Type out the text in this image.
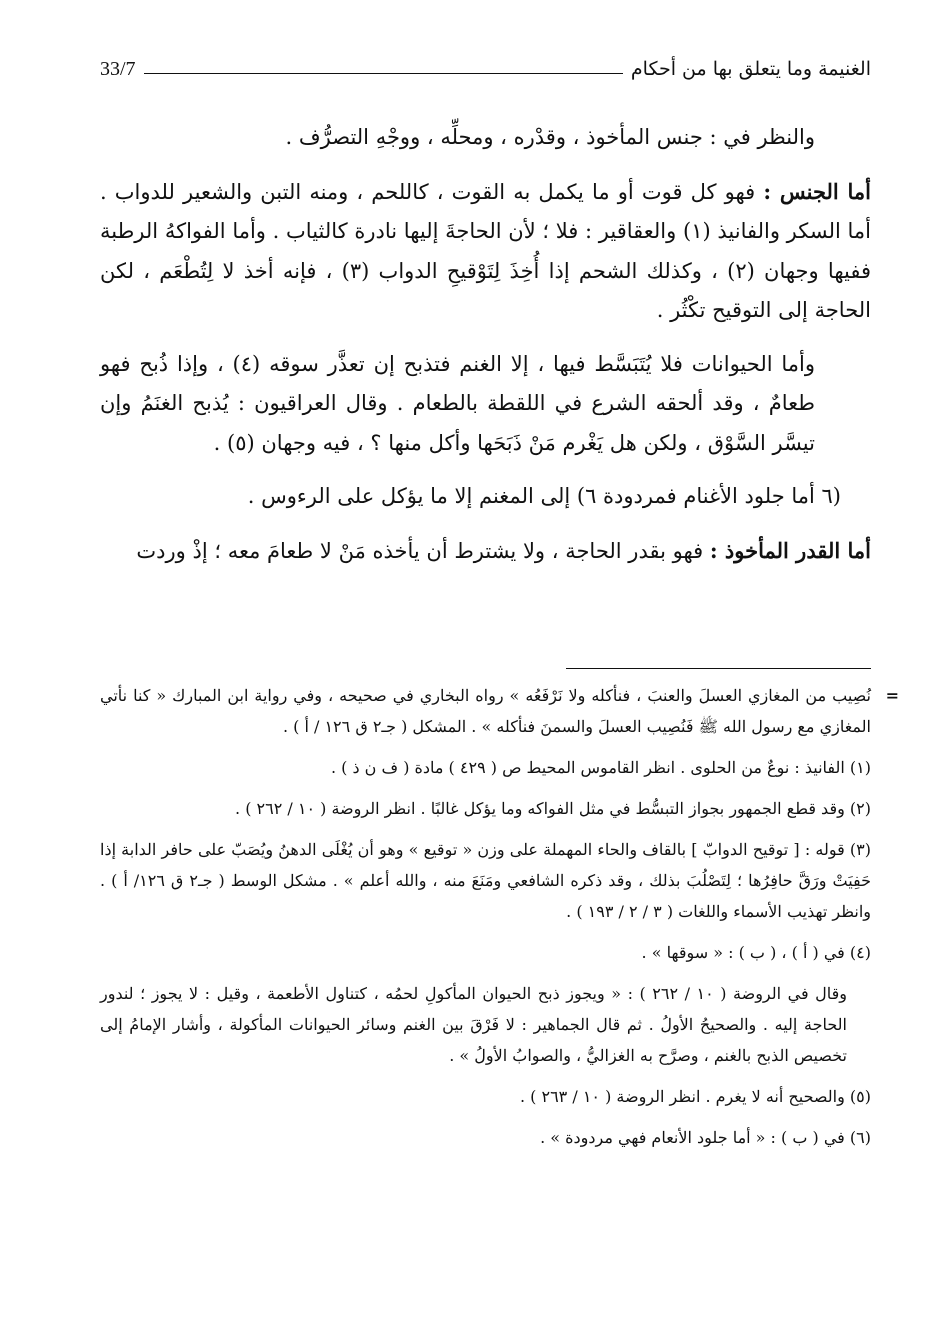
الغنيمة وما يتعلق بها من أحكام
33/7

والنظر في : جنس المأخوذ ، وقدْره ، ومحلِّه ، ووجْهِ التصرُّف .

أما الجنس : فهو كل قوت أو ما يكمل به القوت ، كاللحم ، ومنه التبن والشعير للدواب . أما السكر والفانيذ (١) والعقاقير : فلا ؛ لأن الحاجةَ إليها نادرة كالثياب . وأما الفواكهُ الرطبة ففيها وجهان (٢) ، وكذلك الشحم إذا أُخِذَ لِتَوْقيحِ الدواب (٣) ، فإنه أخذ لا لِتُطْعَم ، لكن الحاجة إلى التوقيح تكْثُر .

وأما الحيوانات فلا يُتَبَسَّط فيها ، إلا الغنم فتذبح إن تعذَّر سوقه (٤) ، وإذا ذُبح فهو طعامٌ ، وقد ألحقه الشرع في اللقطة بالطعام . وقال العراقيون : يُذبح الغنَمُ وإن تيسَّر السَّوْق ، ولكن هل يَغْرم مَنْ ذَبَحَها وأكل منها ؟ ، فيه وجهان (٥) .

(٦ أما جلود الأغنام فمردودة ٦) إلى المغنم إلا ما يؤكل على الرءوس .

أما القدر المأخوذ : فهو بقدر الحاجة ، ولا يشترط أن يأخذه مَنْ لا طعامَ معه ؛ إذْ وردت

=
نُصِيب من المغازي العسلَ والعنبَ ، فنأكله ولا نَرْفَعُه » رواه البخاري في صحيحه ، وفي رواية ابن المبارك « كنا نأتي المغازي مع رسول الله ﷺ فَنُصِيب العسلَ والسمنَ فنأكله » . المشكل ( جـ٢ ق ١٢٦ / أ ) .

(١) الفانيذ : نوعٌ من الحلوى . انظر القاموس المحيط ص ( ٤٢٩ ) مادة ( ف ن ذ ) .

(٢) وقد قطع الجمهور بجواز التبسُّط في مثل الفواكه وما يؤكل غالبًا . انظر الروضة ( ١٠ / ٢٦٢ ) .

(٣) قوله : [ توقيح الدوابّ ] بالقاف والحاء المهملة على وزن « توقيع » وهو أن يُغْلَى الدهنُ ويُصَبّ على حافر الدابة إذا حَفِيَتْ ورَقَّ حافِرُها ؛ لِتَصْلُبَ بذلك ، وقد ذكره الشافعي ومَنَعَ منه ، والله أعلم » . مشكل الوسط ( جـ٢ ق ١٢٦/ أ ) . وانظر تهذيب الأسماء واللغات ( ٣ / ٢ / ١٩٣ ) .

(٤) في ( أ ) ، ( ب ) : « سوقها » .

وقال في الروضة ( ١٠ / ٢٦٢ ) : « ويجوز ذبح الحيوان المأكولِ لحمُه ، كتناول الأطعمة ، وقيل : لا يجوز ؛ لندور الحاجة إليه . والصحيحُ الأولُ . ثم قال الجماهير : لا فَرْقَ بين الغنم وسائر الحيوانات المأكولة ، وأشار الإمامُ إلى تخصيص الذبح بالغنم ، وصرَّح به الغزاليُّ ، والصوابُ الأولُ » .

(٥) والصحيح أنه لا يغرم . انظر الروضة ( ١٠ / ٢٦٣ ) .

(٦) في ( ب ) : « أما جلود الأنعام فهي مردودة » .
